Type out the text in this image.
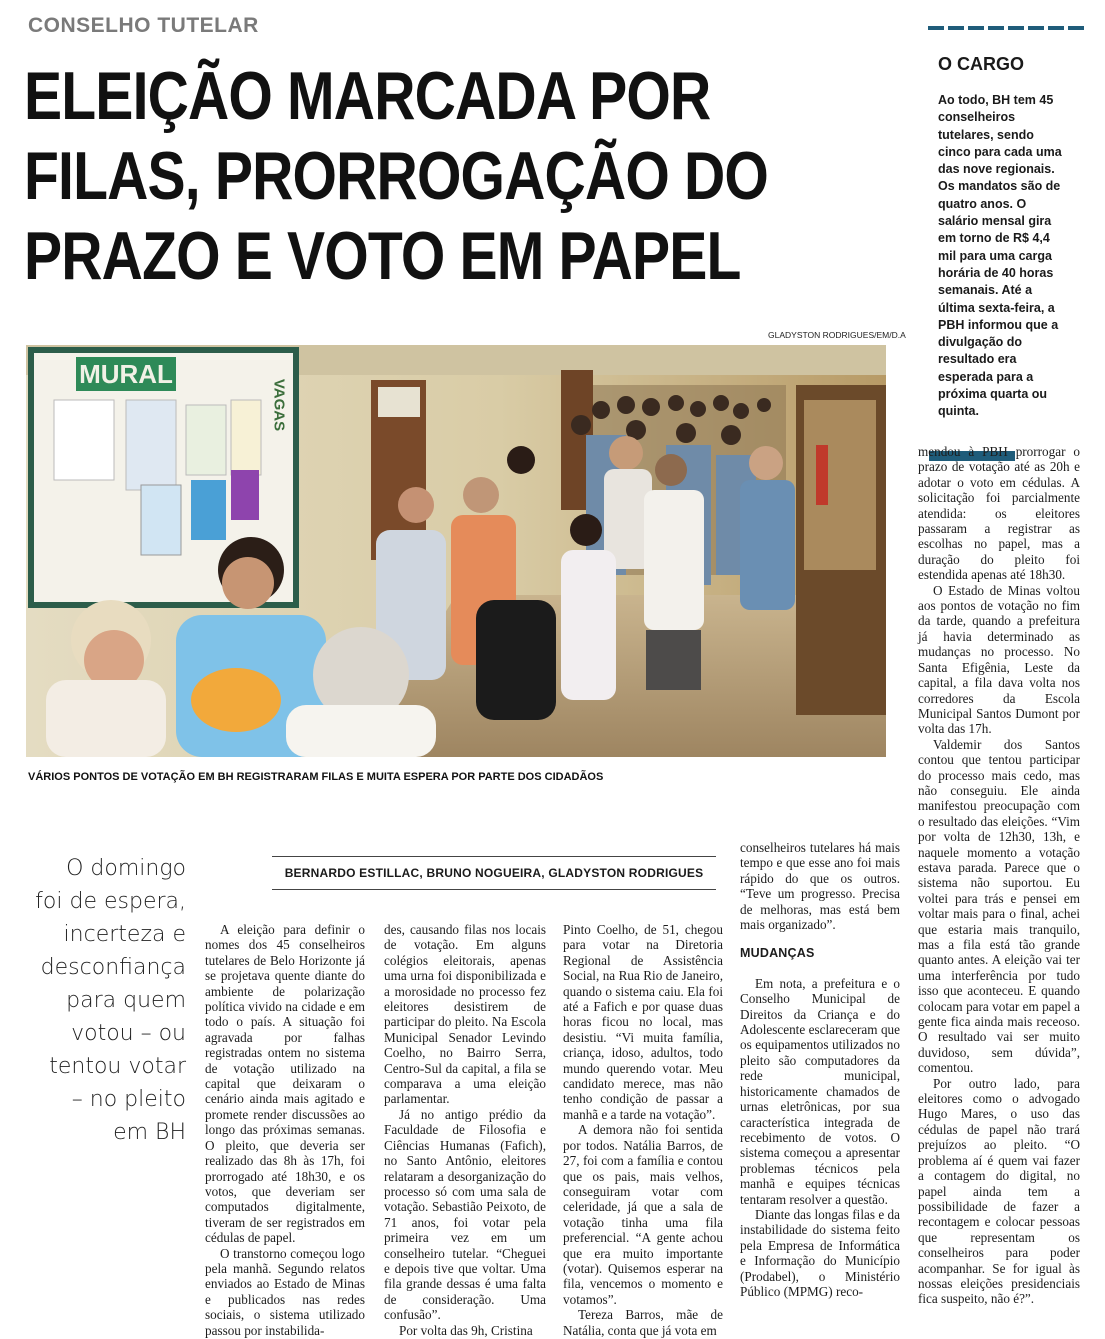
CONSELHO TUTELAR
ELEIÇÃO MARCADA POR
FILAS, PRORROGAÇÃO DO
PRAZO E VOTO EM PAPEL
GLADYSTON RODRIGUES/EM/D.A
MURAL
VAGAS
VÁRIOS PONTOS DE VOTAÇÃO EM BH REGISTRARAM FILAS E MUITA ESPERA POR PARTE DOS CIDADÃOS
O CARGO

Ao todo, BH tem 45 conselheiros tutelares, sendo cinco para cada uma das nove regionais. Os mandatos são de quatro anos. O salário mensal gira em torno de R$ 4,4 mil para uma carga horária de 40 horas semanais. Até a última sexta-feira, a PBH informou que a divulgação do resultado era esperada para a próxima quarta ou quinta.

O domingo
foi de espera,
incerteza e
desconfiança
para quem
votou – ou
tentou votar
– no pleito
em BH
BERNARDO ESTILLAC, BRUNO NOGUEIRA, GLADYSTON RODRIGUES

A eleição para definir o nomes dos 45 conselheiros tutelares de Belo Horizonte já se projetava quente diante do ambiente de polarização política vivido na cidade e em todo o país. A situação foi agravada por falhas registradas ontem no sistema de votação utilizado na capital que deixaram o cenário ainda mais agitado e promete render discussões ao longo das próximas semanas. O pleito, que deveria ser realizado das 8h às 17h, foi prorrogado até 18h30, e os votos, que deveriam ser computados digitalmente, tiveram de ser registrados em cédulas de papel.

O transtorno começou logo pela manhã. Segundo relatos enviados ao Estado de Minas e publicados nas redes sociais, o sistema utilizado passou por instabilida-

des, causando filas nos locais de votação. Em alguns colégios eleitorais, apenas uma urna foi disponibilizada e a morosidade no processo fez eleitores desistirem de participar do pleito. Na Escola Municipal Senador Levindo Coelho, no Bairro Serra, Centro-Sul da capital, a fila se comparava a uma eleição parlamentar.

Já no antigo prédio da Faculdade de Filosofia e Ciências Humanas (Fafich), no Santo Antônio, eleitores relataram a desorganização do processo só com uma sala de votação. Sebastião Peixoto, de 71 anos, foi votar pela primeira vez em um conselheiro tutelar. “Cheguei e depois tive que voltar. Uma fila grande dessas é uma falta de consideração. Uma confusão”.

Por volta das 9h, Cristina

Pinto Coelho, de 51, chegou para votar na Diretoria Regional de Assistência Social, na Rua Rio de Janeiro, quando o sistema caiu. Ela foi até a Fafich e por quase duas horas ficou no local, mas desistiu. “Vi muita família, criança, idoso, adultos, todo mundo querendo votar. Meu candidato merece, mas não tenho condição de passar a manhã e a tarde na votação”.

A demora não foi sentida por todos. Natália Barros, de 27, foi com a família e contou que os pais, mais velhos, conseguiram votar com celeridade, já que a sala de votação tinha uma fila preferencial. “A gente achou que era muito importante (votar). Quisemos esperar na fila, vencemos o momento e votamos”.

Tereza Barros, mãe de Natália, conta que já vota em

conselheiros tutelares há mais tempo e que esse ano foi mais rápido do que os outros. “Teve um progresso. Precisa de melhoras, mas está bem mais organizado”.

MUDANÇAS

Em nota, a prefeitura e o Conselho Municipal de Direitos da Criança e do Adolescente esclareceram que os equipamentos utilizados no pleito são computadores da rede municipal, historicamente chamados de urnas eletrônicas, por sua característica integrada de recebimento de votos. O sistema começou a apresentar problemas técnicos pela manhã e equipes técnicas tentaram resolver a questão.

Diante das longas filas e da instabilidade do sistema feito pela Empresa de Informática e Informação do Município (Prodabel), o Ministério Público (MPMG) reco-

mendou à PBH prorrogar o prazo de votação até as 20h e adotar o voto em cédulas. A solicitação foi parcialmente atendida: os eleitores passaram a registrar as escolhas no papel, mas a duração do pleito foi estendida apenas até 18h30.

O Estado de Minas voltou aos pontos de votação no fim da tarde, quando a prefeitura já havia determinado as mudanças no processo. No Santa Efigênia, Leste da capital, a fila dava volta nos corredores da Escola Municipal Santos Dumont por volta das 17h.

Valdemir dos Santos contou que tentou participar do processo mais cedo, mas não conseguiu. Ele ainda manifestou preocupação com o resultado das eleições. “Vim por volta de 12h30, 13h, e naquele momento a votação estava parada. Parece que o sistema não suportou. Eu voltei para trás e pensei em voltar mais para o final, achei que estaria mais tranquilo, mas a fila está tão grande quanto antes. A eleição vai ter uma interferência por tudo isso que aconteceu. E quando colocam para votar em papel a gente fica ainda mais receoso. O resultado vai ser muito duvidoso, sem dúvida”, comentou.

Por outro lado, para eleitores como o advogado Hugo Mares, o uso das cédulas de papel não trará prejuízos ao pleito. “O problema aí é quem vai fazer a contagem do digital, no papel ainda tem a possibilidade de fazer a recontagem e colocar pessoas que representam os conselheiros para poder acompanhar. Se for igual às nossas eleições presidenciais fica suspeito, não é?”.
